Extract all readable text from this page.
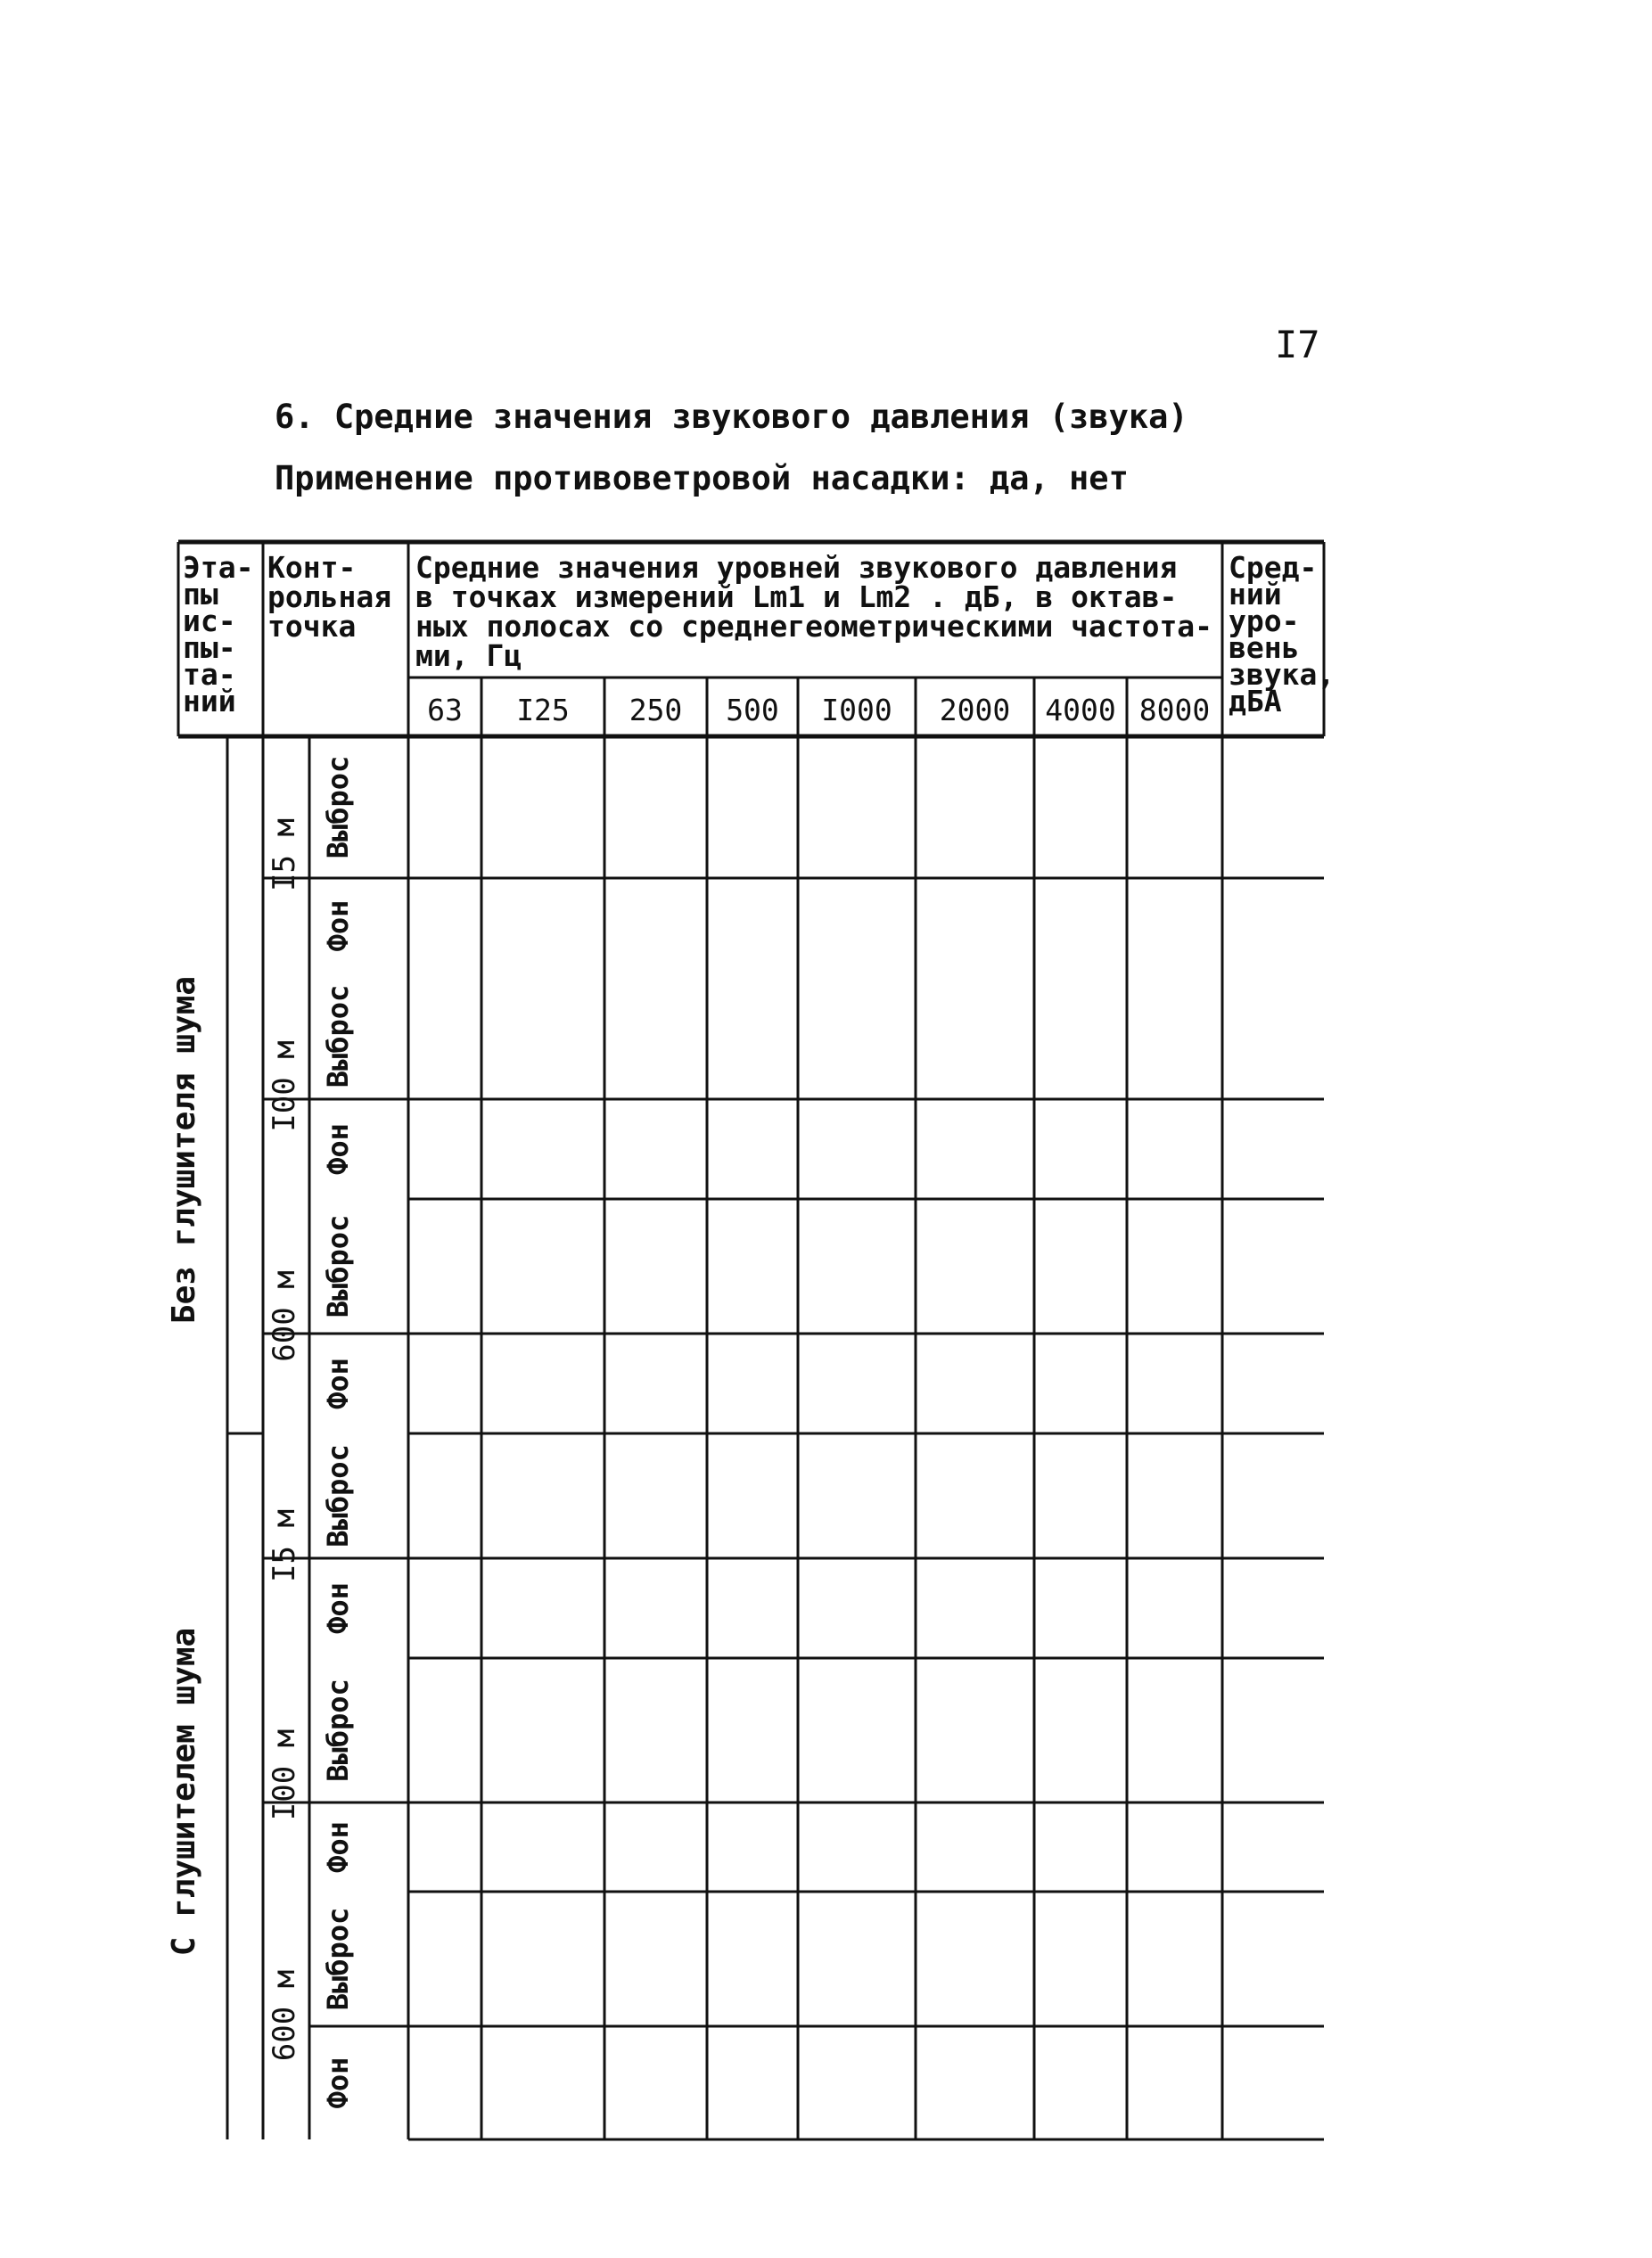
I7
6. Средние значения звукового давления (звука)
Применение противоветровой насадки: да, нет
Эта-
пы
ис-
пы-
та-
ний
Конт-
рольная
точка
Средние значения уровней звукового давления
в точках измерений Lm1 и Lm2 . дБ, в октав-
ных полосах со среднегеометрическими частота-
ми, Гц
Сред-
ний
уро-
вень
звука,
дБА
63 I25 250 500 I000 2000 4000 8000
Без глушителя шума
С глушителем шума
I5 м Выброс
Фон
I00 м Выброс
Фон
600 м Выброс
Фон
I5 м Выброс
Фон
I00 м Выброс
Фон
600 м
Выброс
Фон
